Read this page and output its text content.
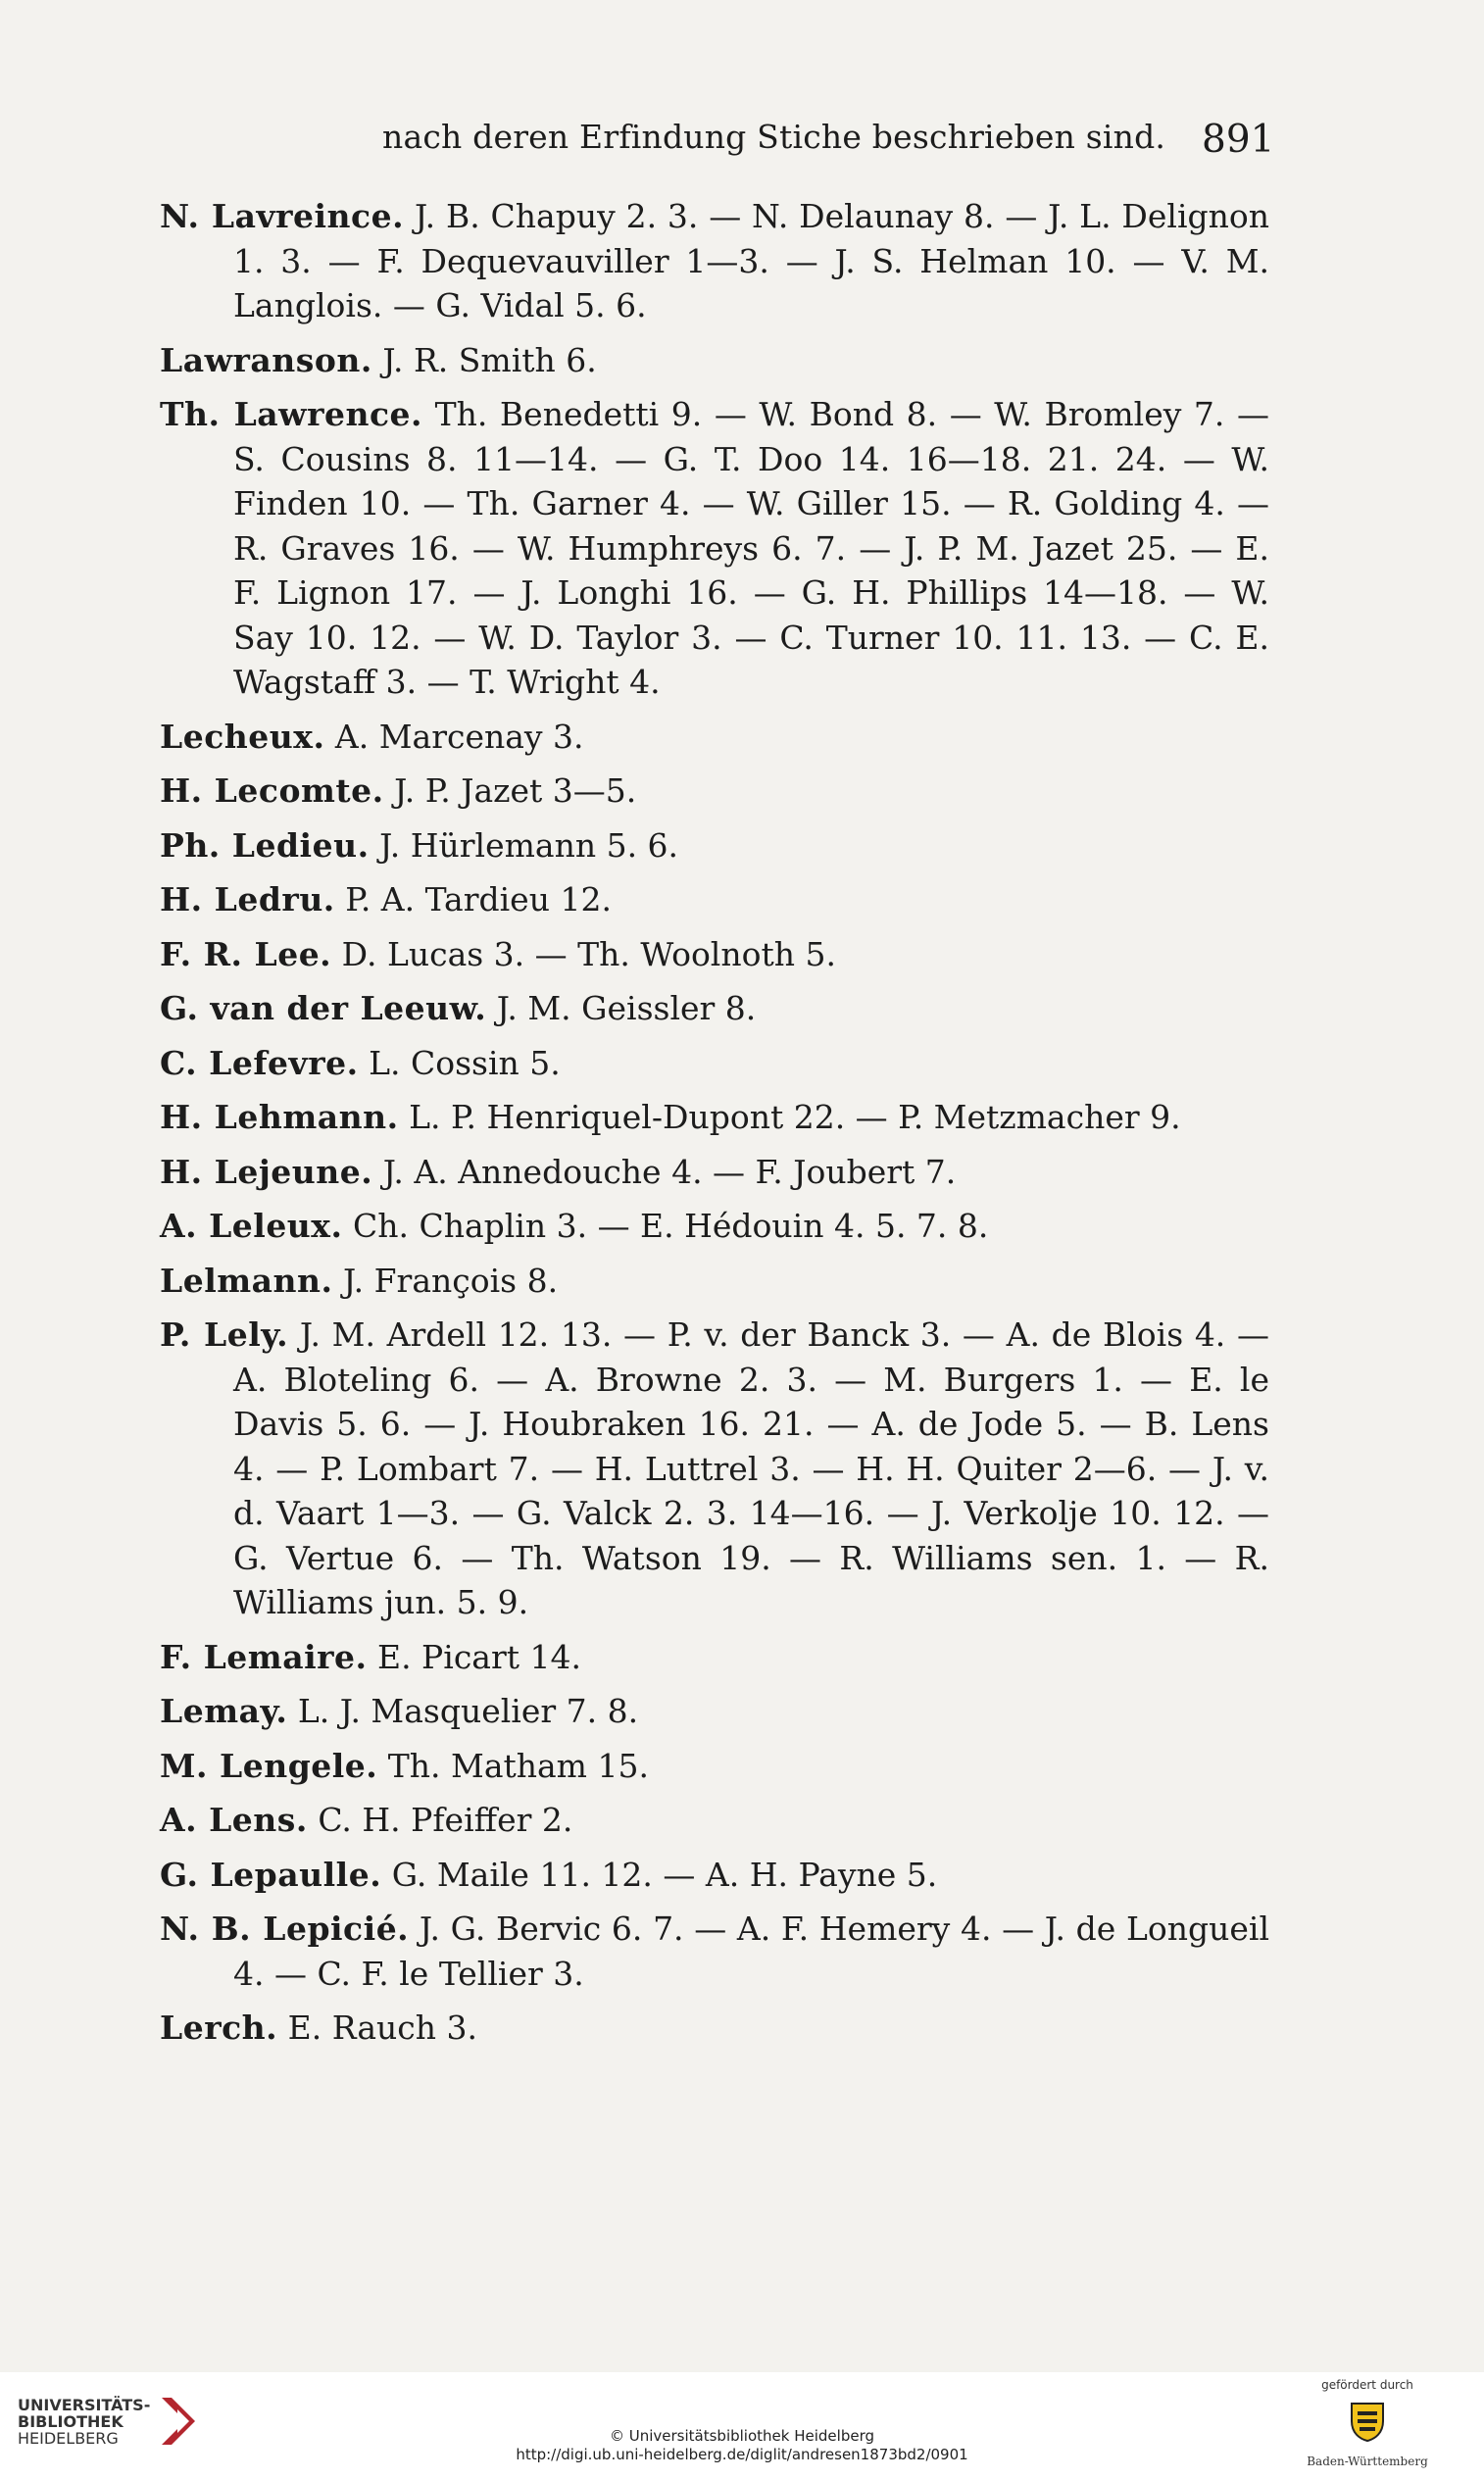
nach deren Erfindung Stiche beschrieben sind. 891

N. Lavreince. J. B. Chapuy 2. 3. — N. Delaunay 8. — J. L. Delignon 1. 3. — F. Dequevauviller 1—3. — J. S. Helman 10. — V. M. Langlois. — G. Vidal 5. 6.

Lawranson. J. R. Smith 6.

Th. Lawrence. Th. Benedetti 9. — W. Bond 8. — W. Bromley 7. — S. Cousins 8. 11—14. — G. T. Doo 14. 16—18. 21. 24. — W. Finden 10. — Th. Garner 4. — W. Giller 15. — R. Golding 4. — R. Graves 16. — W. Humphreys 6. 7. — J. P. M. Jazet 25. — E. F. Lignon 17. — J. Longhi 16. — G. H. Phillips 14—18. — W. Say 10. 12. — W. D. Taylor 3. — C. Turner 10. 11. 13. — C. E. Wagstaff 3. — T. Wright 4.

Lecheux. A. Marcenay 3.

H. Lecomte. J. P. Jazet 3—5.

Ph. Ledieu. J. Hürlemann 5. 6.

H. Ledru. P. A. Tardieu 12.

F. R. Lee. D. Lucas 3. — Th. Woolnoth 5.

G. van der Leeuw. J. M. Geissler 8.

C. Lefevre. L. Cossin 5.

H. Lehmann. L. P. Henriquel-Dupont 22. — P. Metzmacher 9.

H. Lejeune. J. A. Annedouche 4. — F. Joubert 7.

A. Leleux. Ch. Chaplin 3. — E. Hédouin 4. 5. 7. 8.

Lelmann. J. François 8.

P. Lely. J. M. Ardell 12. 13. — P. v. der Banck 3. — A. de Blois 4. — A. Bloteling 6. — A. Browne 2. 3. — M. Burgers 1. — E. le Davis 5. 6. — J. Houbraken 16. 21. — A. de Jode 5. — B. Lens 4. — P. Lombart 7. — H. Luttrel 3. — H. H. Quiter 2—6. — J. v. d. Vaart 1—3. — G. Valck 2. 3. 14—16. — J. Verkolje 10. 12. — G. Vertue 6. — Th. Watson 19. — R. Williams sen. 1. — R. Williams jun. 5. 9.

F. Lemaire. E. Picart 14.

Lemay. L. J. Masquelier 7. 8.

M. Lengele. Th. Matham 15.

A. Lens. C. H. Pfeiffer 2.

G. Lepaulle. G. Maile 11. 12. — A. H. Payne 5.

N. B. Lepicié. J. G. Bervic 6. 7. — A. F. Hemery 4. — J. de Longueil 4. — C. F. le Tellier 3.

Lerch. E. Rauch 3.

UNIVERSITÄTS-
BIBLIOTHEK
HEIDELBERG	© Universitätsbibliothek Heidelberg
http://digi.ub.uni-heidelberg.de/diglit/andresen1873bd2/0901
gefördert durch
Baden-Württemberg
